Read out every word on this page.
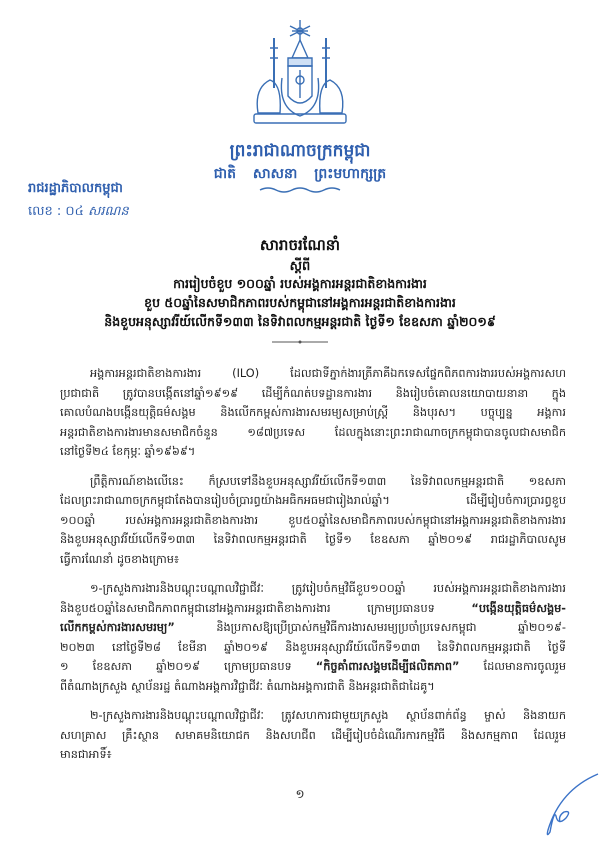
ព្រះរាជាណាចក្រកម្ពុជា
ជាតិ សាសនា ព្រះមហាក្សត្រ
រាជរដ្ឋាភិបាលកម្ពុជា
លេខ : ០៤ សរណន
សារាចរណែនាំ
ស្តីពី
ការរៀបចំខួប ១០០ឆ្នាំ របស់អង្គការអន្តរជាតិខាងការងារ
ខួប ៥០ឆ្នាំនៃសមាជិកភាពរបស់កម្ពុជានៅអង្គការអន្តរជាតិខាងការងារ
និងខួបអនុស្សាវរីយ៍លើកទី១៣៣ នៃទិវាពលកម្មអន្តរជាតិ ថ្ងៃទី១ ខែឧសភា ឆ្នាំ២០១៩
អង្គការអន្តរជាតិខាងការងារ (ILO) ដែលជាទីភ្នាក់ងារត្រីភាគីឯកទេសផ្នែកពិភពការងាររបស់អង្គការសហ
ប្រជាជាតិ ត្រូវបានបង្កើតនៅឆ្នាំ១៩១៩ ដើម្បីកំណត់បទដ្ឋានការងារ និងរៀបចំគោលនយោបាយនានា ក្នុង
គោលបំណងបង្កើនយុត្តិធម៌សង្គម និងលើកកម្ពស់ការងារសមរម្យសម្រាប់ស្ត្រី និងបុរស។ បច្ចុប្បន្ន អង្គការ
អន្តរជាតិខាងការងារមានសមាជិកចំនួន ១៨៧ប្រទេស ដែលក្នុងនោះព្រះរាជាណាចក្រកម្ពុជាបានចូលជាសមាជិក
នៅថ្ងៃទី២៤ ខែកុម្ភៈ ឆ្នាំ១៩៦៩។
ព្រឹត្តិការណ៍ខាងលើនេះ ក៏ស្របទៅនឹងខួបអនុស្សាវរីយ៍លើកទី១៣៣ នៃទិវាពលកម្មអន្តរជាតិ ១ឧសភា
ដែលព្រះរាជាណាចក្រកម្ពុជាតែងបានរៀបចំប្រារព្ធយ៉ាងអធិកអធមជារៀងរាល់ឆ្នាំ។ ដើម្បីរៀបចំការប្រារព្ធខួប
១០០ឆ្នាំ របស់អង្គការអន្តរជាតិខាងការងារ ខួប៥០ឆ្នាំនៃសមាជិកភាពរបស់កម្ពុជានៅអង្គការអន្តរជាតិខាងការងារ
និងខួបអនុស្សាវរីយ៍លើកទី១៣៣ នៃទិវាពលកម្មអន្តរជាតិ ថ្ងៃទី១ ខែឧសភា ឆ្នាំ២០១៩ រាជរដ្ឋាភិបាលសូម
ធ្វើការណែនាំ ដូចខាងក្រោម៖
១-ក្រសួងការងារនិងបណ្តុះបណ្តាលវិជ្ជាជីវៈ ត្រូវរៀបចំកម្មវិធីខួប១០០ឆ្នាំ របស់អង្គការអន្តរជាតិខាងការងារ
និងខួប៥០ឆ្នាំនៃសមាជិកភាពកម្ពុជានៅអង្គការអន្តរជាតិខាងការងារ ក្រោមប្រធានបទ “បង្កើនយុត្តិធម៌សង្គម-
លើកកម្ពស់ការងារសមរម្យ” និងប្រកាសឱ្យប្រើប្រាស់កម្មវិធីការងារសមរម្យប្រចាំប្រទេសកម្ពុជា ឆ្នាំ២០១៩-
២០២៣ នៅថ្ងៃទី២៨ ខែមីនា ឆ្នាំ២០១៩ និងខួបអនុស្សាវរីយ៍លើកទី១៣៣ នៃទិវាពលកម្មអន្តរជាតិ ថ្ងៃទី
១ ខែឧសភា ឆ្នាំ២០១៩ ក្រោមប្រធានបទ “កិច្ចគាំពារសង្គមដើម្បីផលិតភាព” ដែលមានការចូលរួម
ពីតំណាងក្រសួង ស្ថាប័នរដ្ឋ តំណាងអង្គការវិជ្ជាជីវៈ តំណាងអង្គការជាតិ និងអន្តរជាតិជាដៃគូ។
២-ក្រសួងការងារនិងបណ្តុះបណ្តាលវិជ្ជាជីវៈ ត្រូវសហការជាមួយក្រសួង ស្ថាប័នពាក់ព័ន្ធ ម្ចាស់ និងនាយក
សហគ្រាស គ្រឹះស្ថាន សមាគមនិយោជក និងសហជីព ដើម្បីរៀបចំដំណើរការកម្មវិធី និងសកម្មភាព ដែលរួម
មានជាអាទិ៍៖
១
